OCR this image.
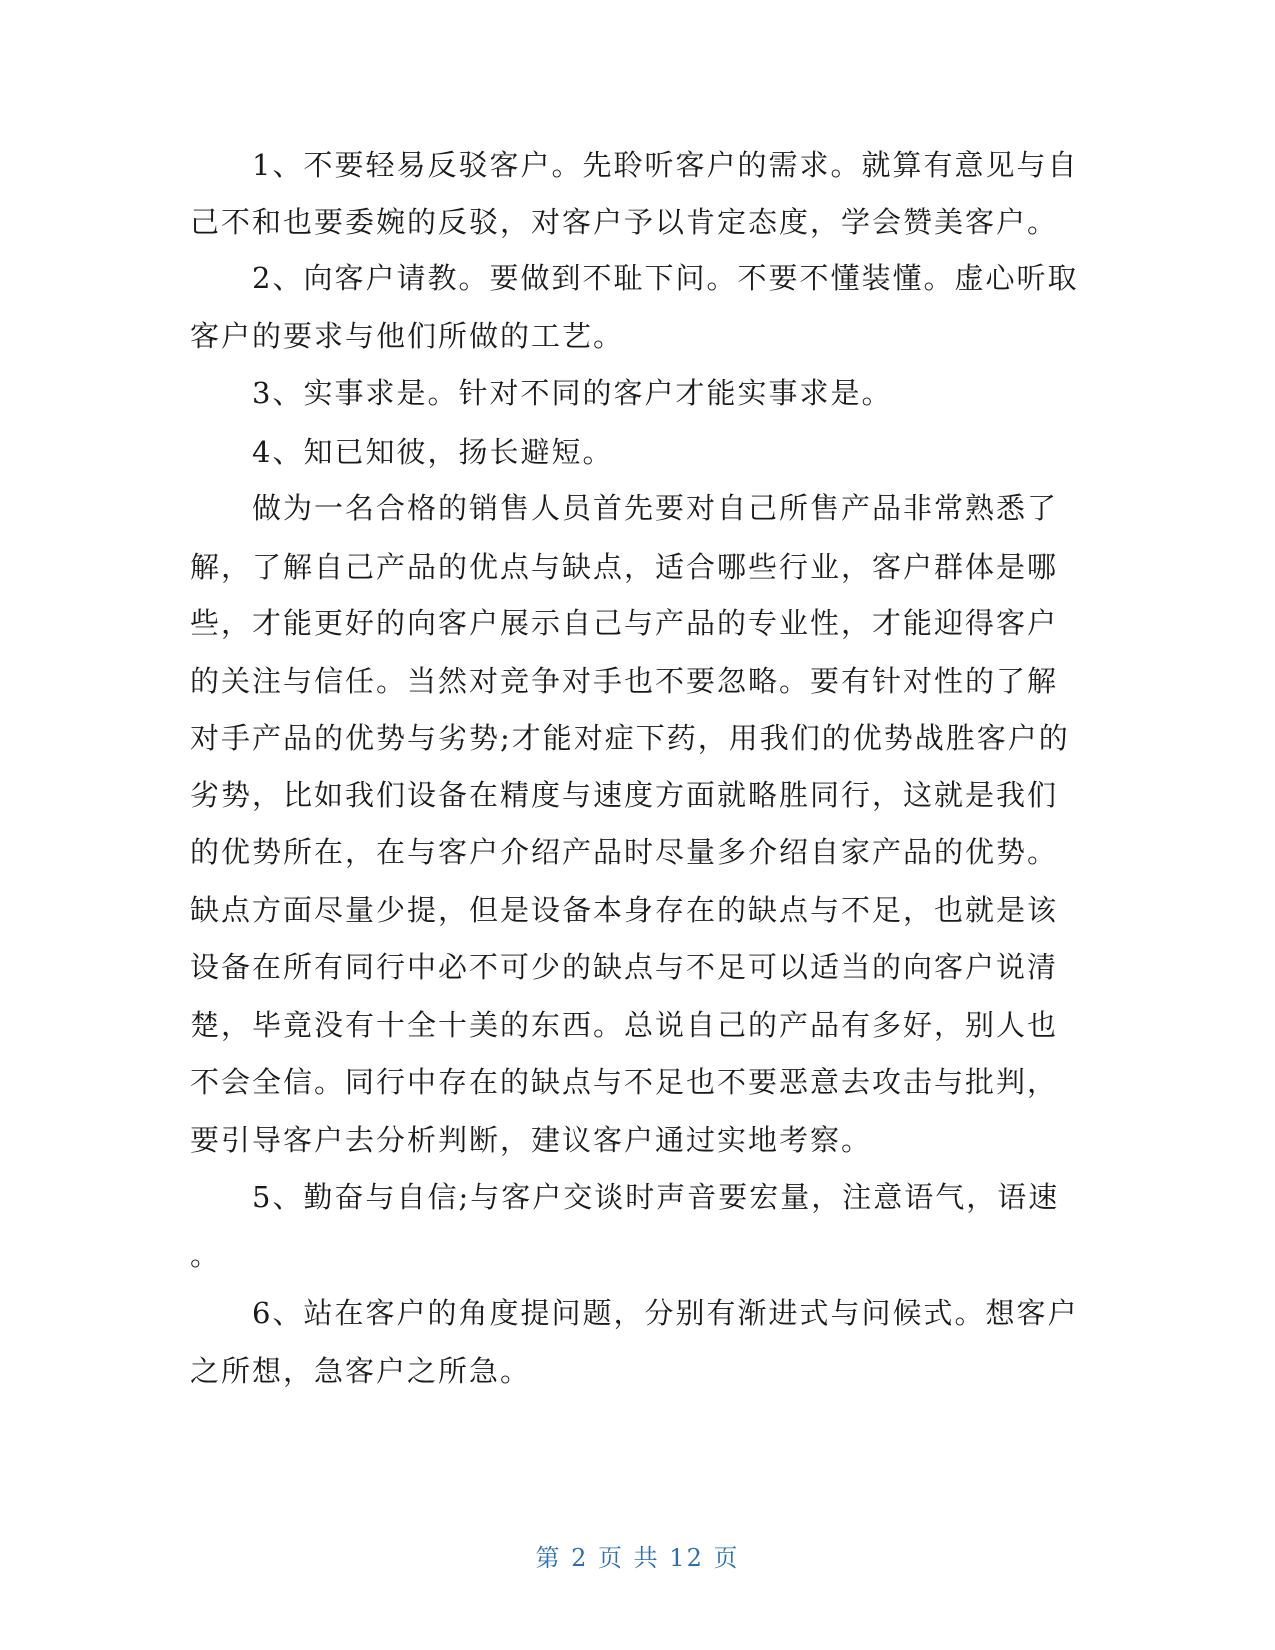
　　1、不要轻易反驳客户。先聆听客户的需求。就算有意见与自
己不和也要委婉的反驳，对客户予以肯定态度，学会赞美客户。
　　2、向客户请教。要做到不耻下问。不要不懂装懂。虚心听取
客户的要求与他们所做的工艺。
　　3、实事求是。针对不同的客户才能实事求是。
　　4、知已知彼，扬长避短。
　　做为一名合格的销售人员首先要对自己所售产品非常熟悉了
解，了解自己产品的优点与缺点，适合哪些行业，客户群体是哪
些，才能更好的向客户展示自己与产品的专业性，才能迎得客户
的关注与信任。当然对竞争对手也不要忽略。要有针对性的了解
对手产品的优势与劣势;才能对症下药，用我们的优势战胜客户的
劣势，比如我们设备在精度与速度方面就略胜同行，这就是我们
的优势所在，在与客户介绍产品时尽量多介绍自家产品的优势。
缺点方面尽量少提，但是设备本身存在的缺点与不足，也就是该
设备在所有同行中必不可少的缺点与不足可以适当的向客户说清
楚，毕竟没有十全十美的东西。总说自己的产品有多好，别人也
不会全信。同行中存在的缺点与不足也不要恶意去攻击与批判，
要引导客户去分析判断，建议客户通过实地考察。
　　5、勤奋与自信;与客户交谈时声音要宏量，注意语气，语速
。
　　6、站在客户的角度提问题，分别有渐进式与问候式。想客户
之所想，急客户之所急。
第 2 页 共 12 页
